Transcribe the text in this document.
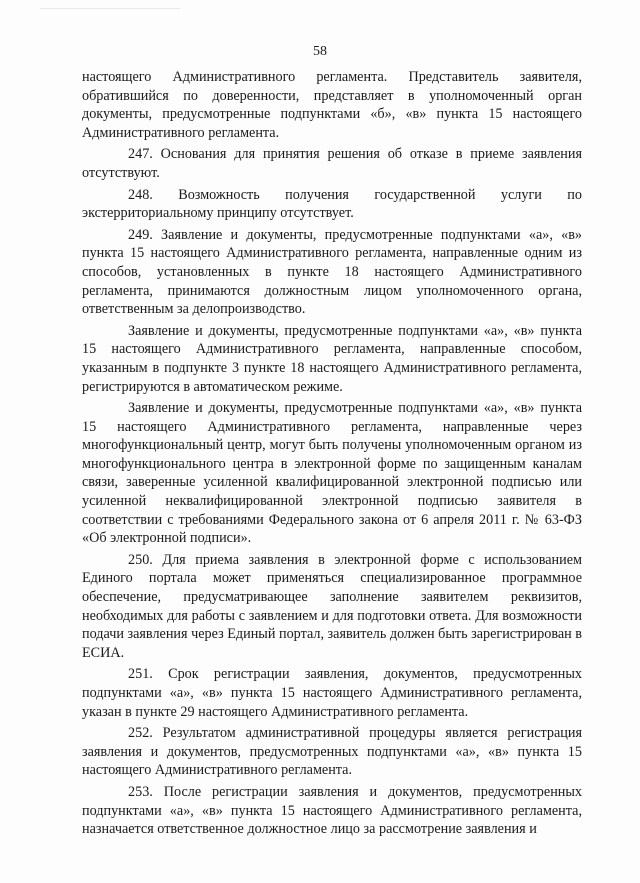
58

настоящего Административного регламента. Представитель заявителя, обратившийся по доверенности, представляет в уполномоченный орган документы, предусмотренные подпунктами «б», «в» пункта 15 настоящего Административного регламента.

247. Основания для принятия решения об отказе в приеме заявления отсутствуют.

248. Возможность получения государственной услуги по экстерриториальному принципу отсутствует.

249. Заявление и документы, предусмотренные подпунктами «а», «в» пункта 15 настоящего Административного регламента, направленные одним из способов, установленных в пункте 18 настоящего Административного регламента, принимаются должностным лицом уполномоченного органа, ответственным за делопроизводство.

Заявление и документы, предусмотренные подпунктами «а», «в» пункта 15 настоящего Административного регламента, направленные способом, указанным в подпункте 3 пункте 18 настоящего Административного регламента, регистрируются в автоматическом режиме.

Заявление и документы, предусмотренные подпунктами «а», «в» пункта 15 настоящего Административного регламента, направленные через многофункциональный центр, могут быть получены уполномоченным органом из многофункционального центра в электронной форме по защищенным каналам связи, заверенные усиленной квалифицированной электронной подписью или усиленной неквалифицированной электронной подписью заявителя в соответствии с требованиями Федерального закона от 6 апреля 2011 г. № 63-ФЗ «Об электронной подписи».

250. Для приема заявления в электронной форме с использованием Единого портала может применяться специализированное программное обеспечение, предусматривающее заполнение заявителем реквизитов, необходимых для работы с заявлением и для подготовки ответа. Для возможности подачи заявления через Единый портал, заявитель должен быть зарегистрирован в ЕСИА.

251. Срок регистрации заявления, документов, предусмотренных подпунктами «а», «в» пункта 15 настоящего Административного регламента, указан в пункте 29 настоящего Административного регламента.

252. Результатом административной процедуры является регистрация заявления и документов, предусмотренных подпунктами «а», «в» пункта 15 настоящего Административного регламента.

253. После регистрации заявления и документов, предусмотренных подпунктами «а», «в» пункта 15 настоящего Административного регламента, назначается ответственное должностное лицо за рассмотрение заявления и
